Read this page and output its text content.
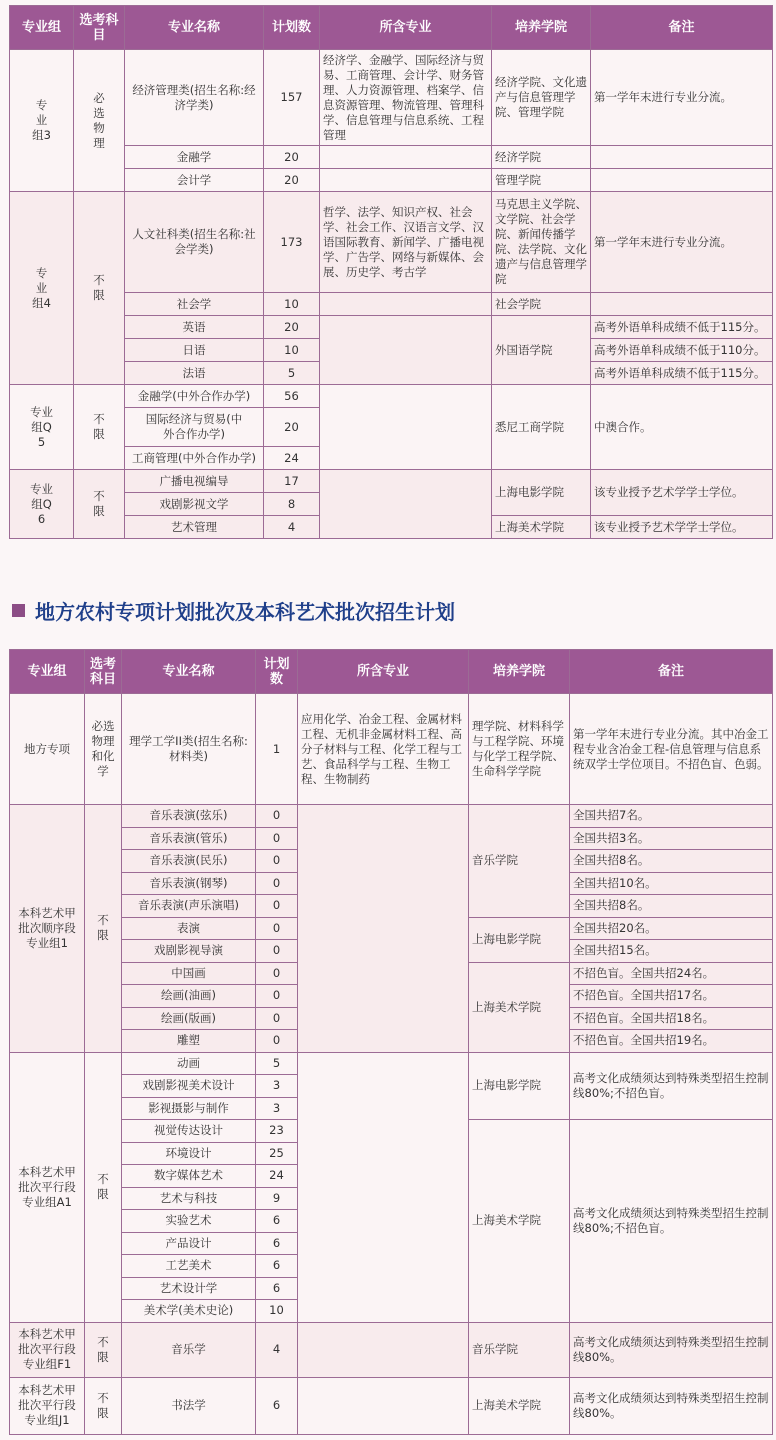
专业组	选考科目	专业名称	计划数	所含专业	培养学院	备注
专业组3	必选物理	经济管理类(招生名称:经济学类)	157	经济学、金融学、国际经济与贸易、工商管理、会计学、财务管理、人力资源管理、档案学、信息资源管理、物流管理、管理科学、信息管理与信息系统、工程管理	经济学院、文化遗产与信息管理学院、管理学院	第一学年末进行专业分流。
		金融学	20		经济学院	
		会计学	20		管理学院	
专业组4	不限	人文社科类(招生名称:社会学类)	173	哲学、法学、知识产权、社会学、社会工作、汉语言文学、汉语国际教育、新闻学、广播电视学、广告学、网络与新媒体、会展、历史学、考古学	马克思主义学院、文学院、社会学院、新闻传播学院、法学院、文化遗产与信息管理学院	第一学年末进行专业分流。
		社会学	10		社会学院	
		英语	20		外国语学院	高考外语单科成绩不低于115分。
		日语	10			高考外语单科成绩不低于110分。
		法语	5			高考外语单科成绩不低于115分。
专业组Q5	不限	金融学(中外合作办学)	56		悉尼工商学院	中澳合作。
		国际经济与贸易(中外合作办学)	20			
		工商管理(中外合作办学)	24			
专业组Q6	不限	广播电视编导	17		上海电影学院	该专业授予艺术学学士学位。
		戏剧影视文学	8			
		艺术管理	4		上海美术学院	该专业授予艺术学学士学位。
地方农村专项计划批次及本科艺术批次招生计划
专业组	选考科目	专业名称	计划数	所含专业	培养学院	备注
地方专项	必选物理和化学	理学工学II类(招生名称:材料类)	1	应用化学、冶金工程、金属材料工程、无机非金属材料工程、高分子材料与工程、化学工程与工艺、食品科学与工程、生物工程、生物制药	理学院、材料科学与工程学院、环境与化学工程学院、生命科学学院	第一学年末进行专业分流。其中冶金工程专业含冶金工程-信息管理与信息系统双学士学位项目。不招色盲、色弱。
本科艺术甲批次顺序段专业组1	不限	音乐表演(弦乐)	0		音乐学院	全国共招7名。
		音乐表演(管乐)	0			全国共招3名。
		音乐表演(民乐)	0			全国共招8名。
		音乐表演(钢琴)	0			全国共招10名。
		音乐表演(声乐演唱)	0			全国共招8名。
		表演	0		上海电影学院	全国共招20名。
		戏剧影视导演	0			全国共招15名。
		中国画	0		上海美术学院	不招色盲。全国共招24名。
		绘画(油画)	0			不招色盲。全国共招17名。
		绘画(版画)	0			不招色盲。全国共招18名。
		雕塑	0			不招色盲。全国共招19名。
本科艺术甲批次平行段专业组A1	不限	动画	5		上海电影学院	高考文化成绩须达到特殊类型招生控制线80%;不招色盲。
		戏剧影视美术设计	3			
		影视摄影与制作	3			
		视觉传达设计	23		上海美术学院	高考文化成绩须达到特殊类型招生控制线80%;不招色盲。
		环境设计	25			
		数字媒体艺术	24			
		艺术与科技	9			
		实验艺术	6			
		产品设计	6			
		工艺美术	6			
		艺术设计学	6			
		美术学(美术史论)	10			
本科艺术甲批次平行段专业组F1	不限	音乐学	4		音乐学院	高考文化成绩须达到特殊类型招生控制线80%。
本科艺术甲批次平行段专业组J1	不限	书法学	6		上海美术学院	高考文化成绩须达到特殊类型招生控制线80%。
